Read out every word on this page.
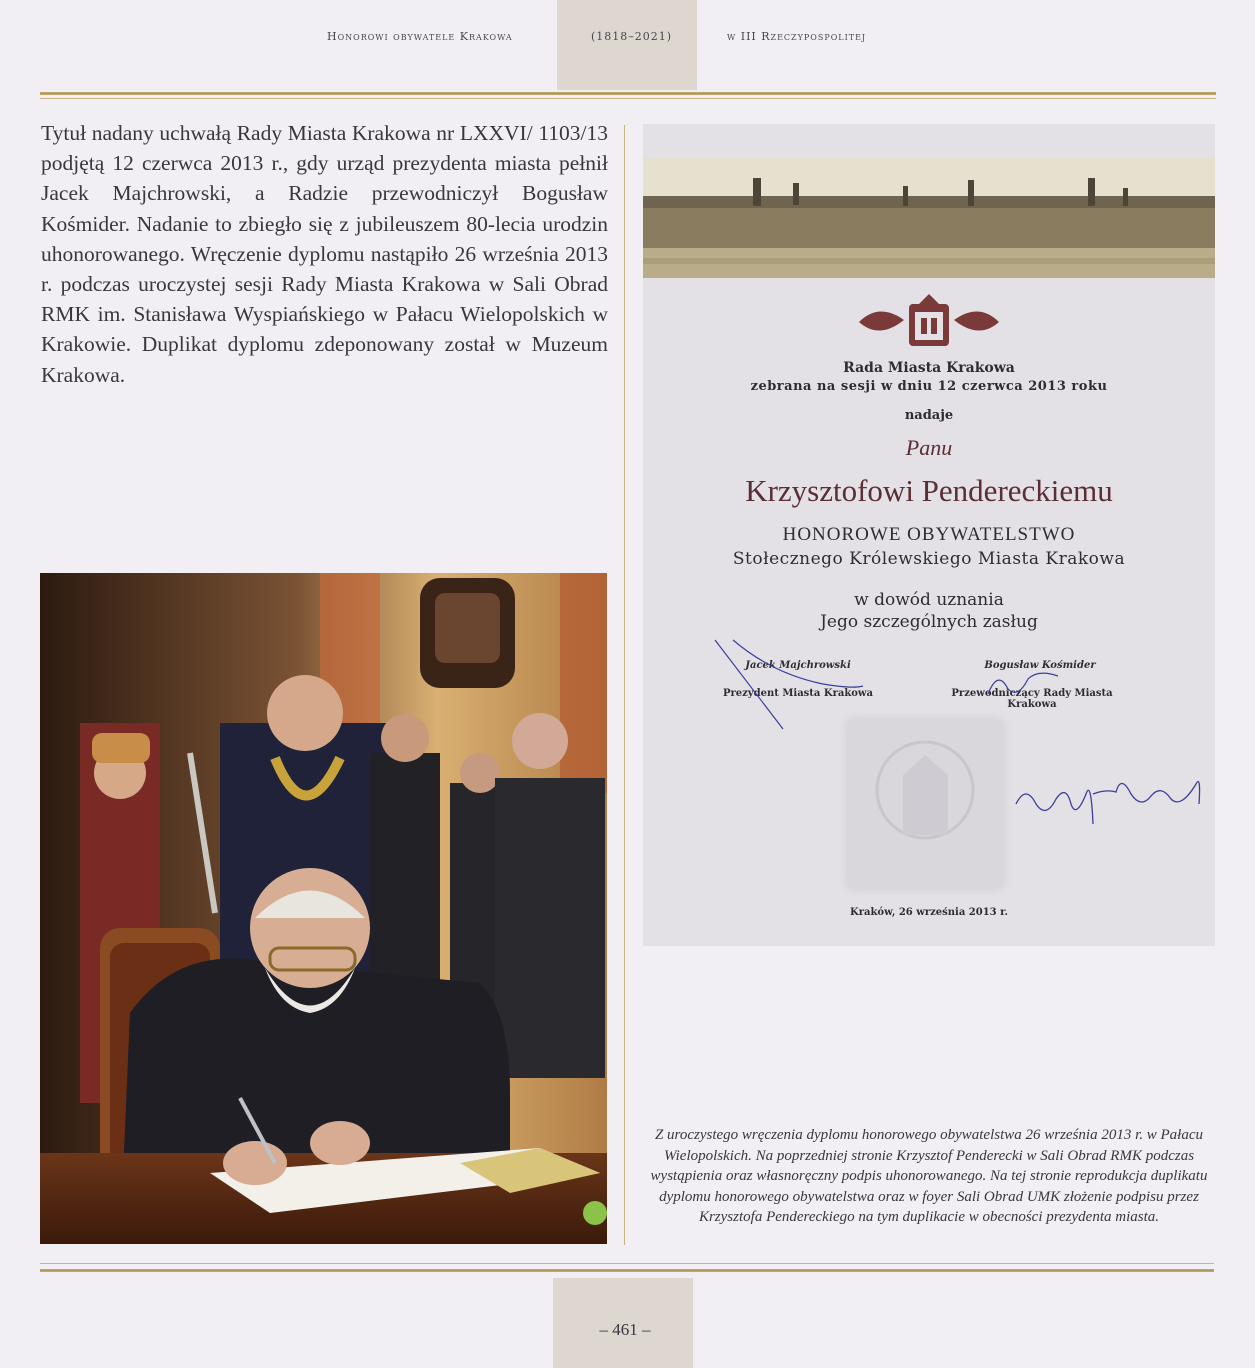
Honorowi obywatele Krakowa	(1818–2021)	w III Rzeczypospolitej

Tytuł nadany uchwałą Rady Miasta Krakowa nr LXXVI/ 1103/13 podjętą 12 czerwca 2013 r., gdy urząd prezydenta miasta pełnił Jacek Majchrowski, a Radzie przewodniczył Bogusław Kośmider. Nadanie to zbiegło się z jubileuszem 80-lecia urodzin uhonorowanego. Wręczenie dyplomu nastąpiło 26 września 2013 r. podczas uroczystej sesji Rady Miasta Krakowa w Sali Obrad RMK im. Stanisława Wyspiańskiego w Pałacu Wielopolskich w Krakowie. Duplikat dyplomu zdeponowany został w Muzeum Krakowa.	Rada Miasta Krakowa
zebrana na sesji w dniu 12 czerwca 2013 roku
nadaje
Panu
Krzysztofowi Pendereckiemu
HONOROWE OBYWATELSTWO
Stołecznego Królewskiego Miasta Krakowa
w dowód uznania
Jego szczególnych zasług
Jacek Majchrowski
Prezydent Miasta Krakowa
Bogusław Kośmider
Przewodniczący Rady Miasta Krakowa
Kraków, 26 września 2013 r.

Z uroczystego wręczenia dyplomu honorowego obywatelstwa 26 września 2013 r. w Pałacu Wielopolskich. Na poprzedniej stronie Krzysztof Penderecki w Sali Obrad RMK podczas wystąpienia oraz własnoręczny podpis uhonorowanego. Na tej stronie reprodukcja duplikatu dyplomu honorowego obywatelstwa oraz w foyer Sali Obrad UMK złożenie podpisu przez Krzysztofa Pendereckiego na tym duplikacie w obecności prezydenta miasta.

– 461 –
